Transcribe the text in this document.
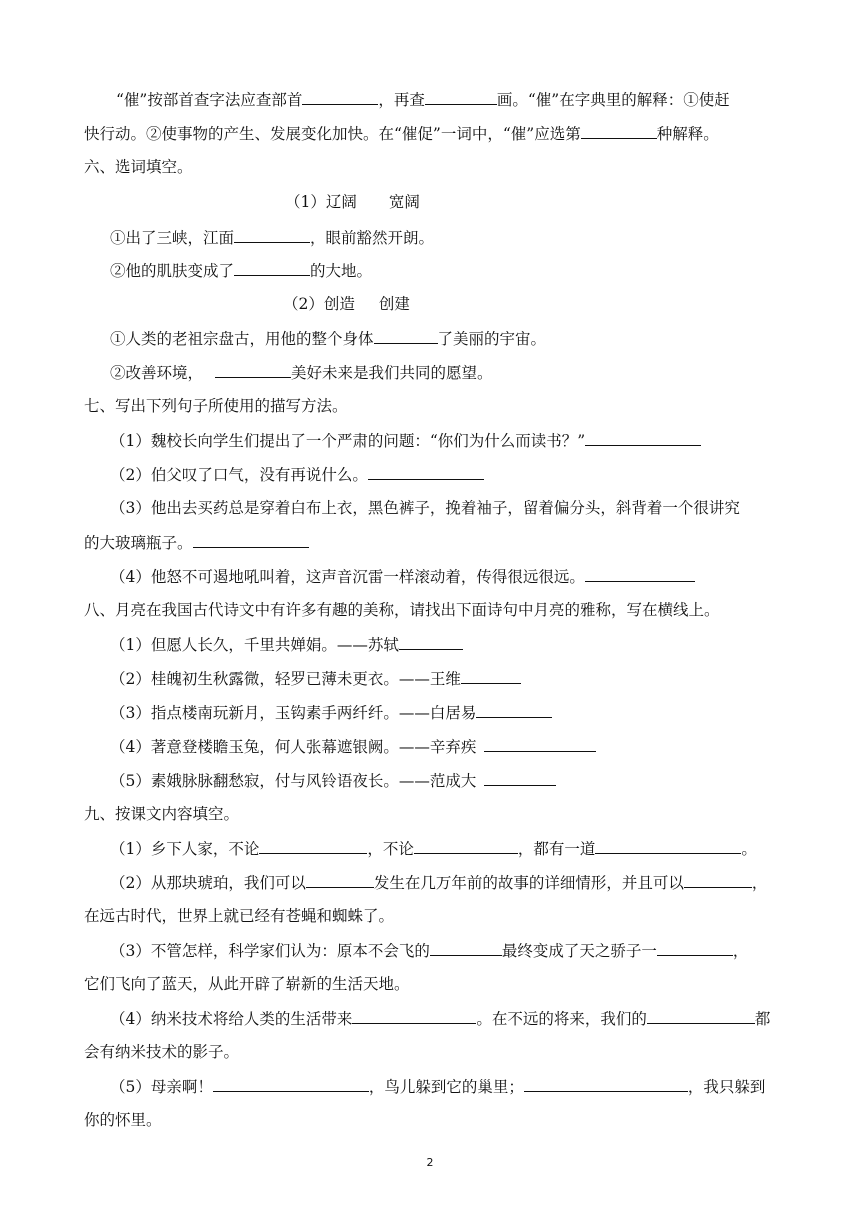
“催”按部首查字法应查部首	，再查	画。“催”在字典里的解释：①使赶
快行动。②使事物的产生、发展变化加快。在“催促”一词中，“催”应选第	种解释。
六、选词填空。
（1）辽阔 宽阔
①出了三峡，江面	，眼前豁然开朗。
②他的肌肤变成了	的大地。
（2）创造 创建
①人类的老祖宗盘古，用他的整个身体	了美丽的宇宙。
②改善环境，	美好未来是我们共同的愿望。
七、写出下列句子所使用的描写方法。
（1）魏校长向学生们提出了一个严肃的问题：“你们为什么而读书？”
（2）伯父叹了口气，没有再说什么。
（3）他出去买药总是穿着白布上衣，黑色裤子，挽着袖子，留着偏分头，斜背着一个很讲究
的大玻璃瓶子。
（4）他怒不可遏地吼叫着，这声音沉雷一样滚动着，传得很远很远。
八、月亮在我国古代诗文中有许多有趣的美称，请找出下面诗句中月亮的雅称，写在横线上。
（1）但愿人长久，千里共婵娟。——苏轼
（2）桂魄初生秋露微，轻罗已薄未更衣。——王维
（3）指点楼南玩新月，玉钩素手两纤纤。——白居易
（4）著意登楼瞻玉兔，何人张幕遮银阙。——辛弃疾
（5）素娥脉脉翻愁寂，付与风铃语夜长。——范成大
九、按课文内容填空。
（1）乡下人家，不论	，不论	，都有一道	。
（2）从那块琥珀，我们可以	发生在几万年前的故事的详细情形，并且可以	，
在远古时代，世界上就已经有苍蝇和蜘蛛了。
（3）不管怎样，科学家们认为：原本不会飞的	最终变成了天之骄子一	，
它们飞向了蓝天，从此开辟了崭新的生活天地。
（4）纳米技术将给人类的生活带来	。在不远的将来，我们的	都
会有纳米技术的影子。
（5）母亲啊！	，鸟儿躲到它的巢里；	，我只躲到
你的怀里。
2
